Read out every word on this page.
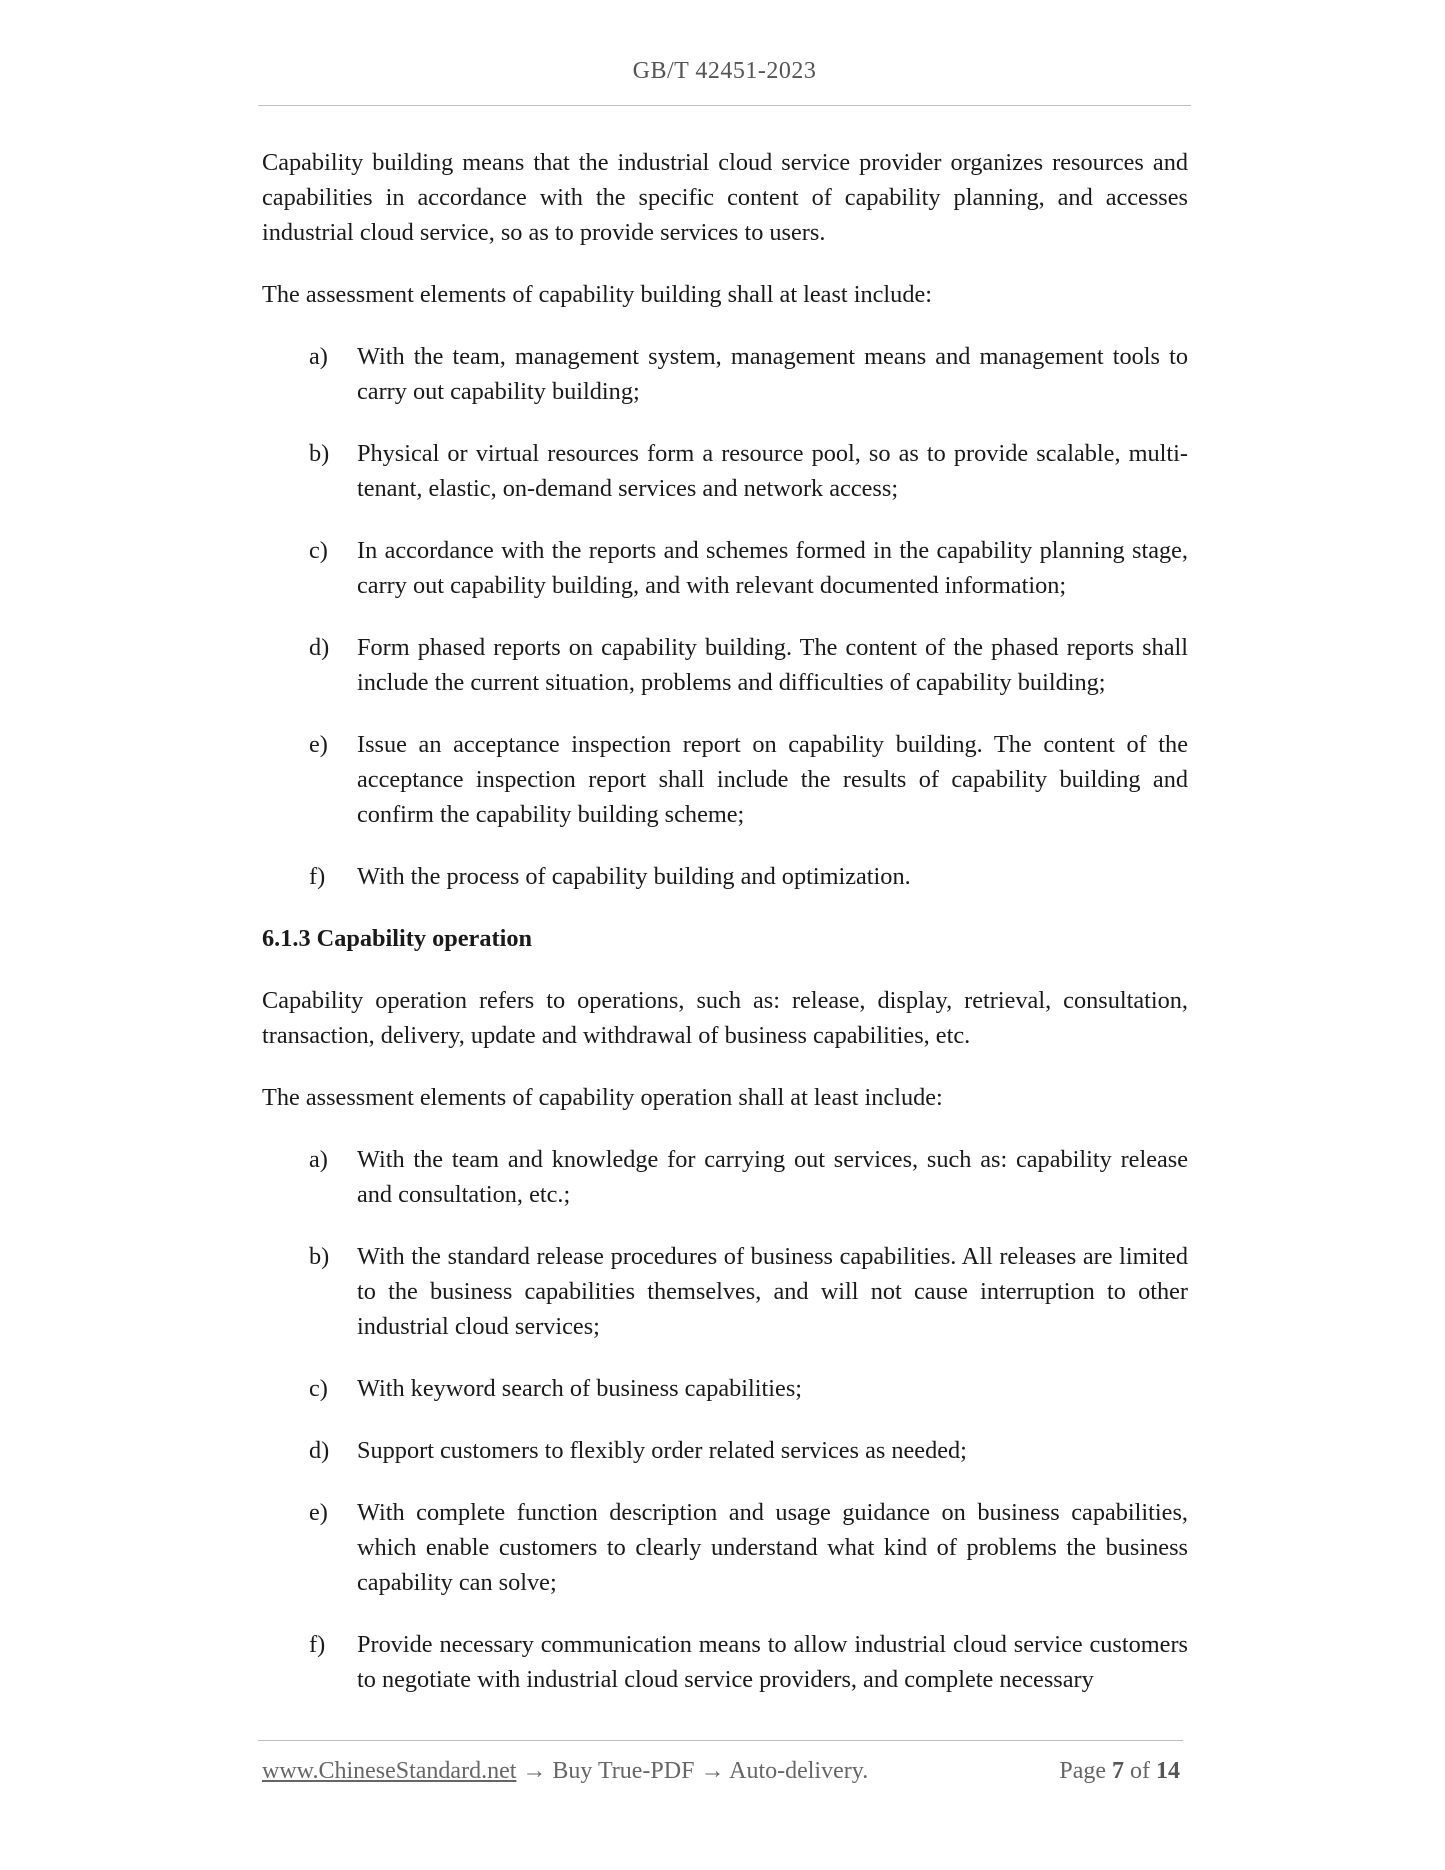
GB/T 42451-2023

Capability building means that the industrial cloud service provider organizes resources and capabilities in accordance with the specific content of capability planning, and accesses industrial cloud service, so as to provide services to users.

The assessment elements of capability building shall at least include:

a)	With the team, management system, management means and management tools to carry out capability building;
b)	Physical or virtual resources form a resource pool, so as to provide scalable, multi-tenant, elastic, on-demand services and network access;
c)	In accordance with the reports and schemes formed in the capability planning stage, carry out capability building, and with relevant documented information;
d)	Form phased reports on capability building. The content of the phased reports shall include the current situation, problems and difficulties of capability building;
e)	Issue an acceptance inspection report on capability building. The content of the acceptance inspection report shall include the results of capability building and confirm the capability building scheme;
f)	With the process of capability building and optimization.

6.1.3 Capability operation

Capability operation refers to operations, such as: release, display, retrieval, consultation, transaction, delivery, update and withdrawal of business capabilities, etc.

The assessment elements of capability operation shall at least include:

a)	With the team and knowledge for carrying out services, such as: capability release and consultation, etc.;
b)	With the standard release procedures of business capabilities. All releases are limited to the business capabilities themselves, and will not cause interruption to other industrial cloud services;
c)	With keyword search of business capabilities;
d)	Support customers to flexibly order related services as needed;
e)	With complete function description and usage guidance on business capabilities, which enable customers to clearly understand what kind of problems the business capability can solve;
f)	Provide necessary communication means to allow industrial cloud service customers to negotiate with industrial cloud service providers, and complete necessary
www.ChineseStandard.net → Buy True-PDF → Auto-delivery.	Page 7 of 14
